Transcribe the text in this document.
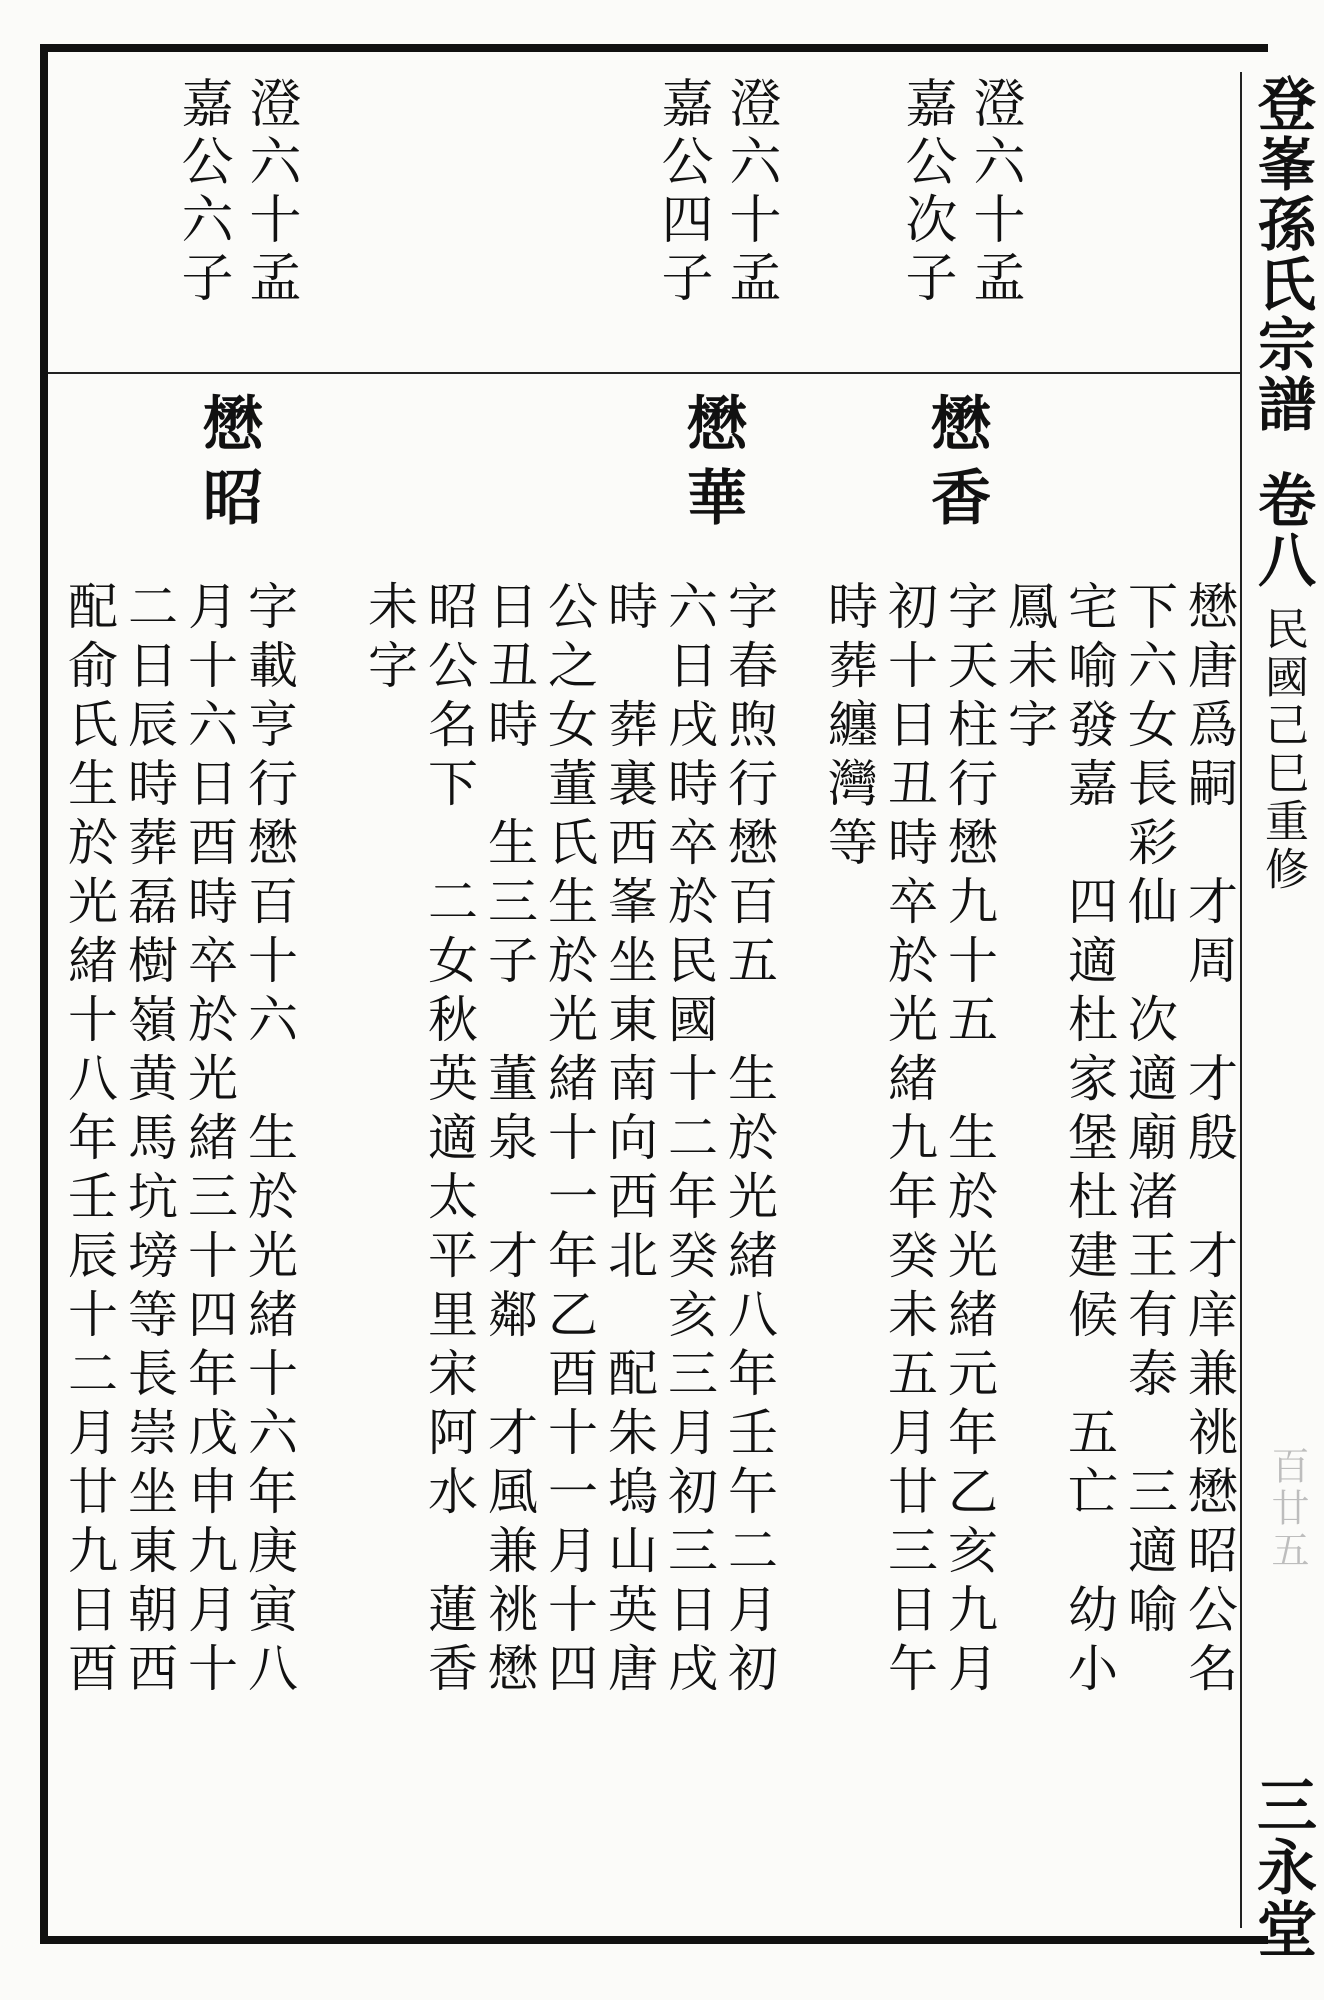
登峯孫氏宗譜
卷八
民國己巳重修
百廿五
三永堂
澄六十孟
嘉公次子
澄六十孟
嘉公四子
澄六十孟
嘉公六子
懋唐爲嗣　才周　才殷　才庠兼祧懋昭公名
下六女長彩仙　次適廟渚王有泰　三適喻
宅喻發嘉　四適杜家堡杜建候　五亡　幼小
鳳未字
懋香
字天柱行懋九十五　生於光緒元年乙亥九月
初十日丑時卒於光緒九年癸未五月廿三日午
時葬纏灣等
懋華
字春煦行懋百五　生於光緒八年壬午二月初
六日戌時卒於民國十二年癸亥三月初三日戌
時　葬裏西峯坐東南向西北　配朱塢山英唐
公之女董氏生於光緒十一年乙酉十一月十四
日丑時　生三子　董泉　才鄰　才風兼祧懋
昭公名下　二女秋英適太平里宋阿水　蓮香
未字
懋昭
字載亨行懋百十六　生於光緒十六年庚寅八
月十六日酉時卒於光緒三十四年戊申九月十
二日辰時葬磊樹嶺黄馬坑塝等長崇坐東朝西
配俞氏生於光緒十八年壬辰十二月廿九日酉
